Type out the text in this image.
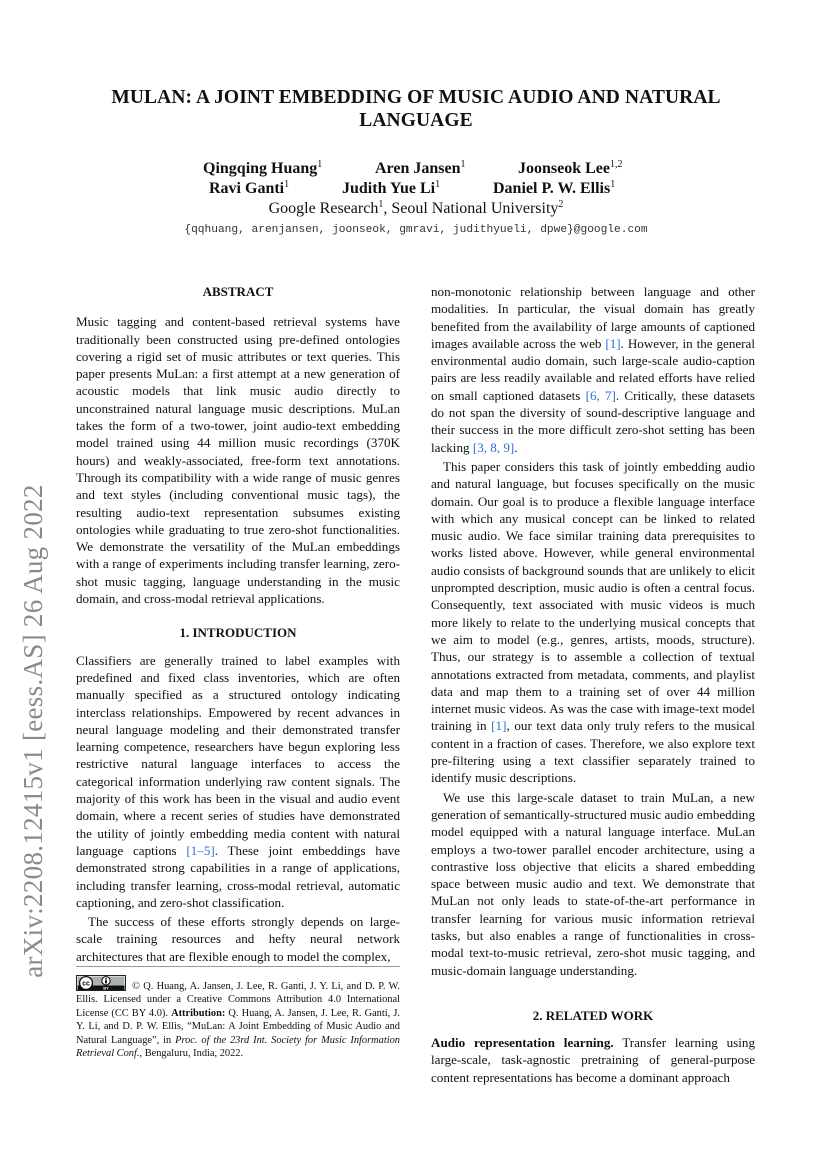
arXiv:2208.12415v1 [eess.AS] 26 Aug 2022
MULAN: A JOINT EMBEDDING OF MUSIC AUDIO AND NATURAL
LANGUAGE
Qingqing Huang$^1$	Aren Jansen$^1$	Joonseok Lee$^{1,2}$
Ravi Ganti$^1$	Judith Yue Li$^1$	Daniel P. W. Ellis$^1$
Google Research$^1$, Seoul National University$^2$
{qqhuang, arenjansen, joonseok, gmravi, judithyueli, dpwe}@google.com

ABSTRACT

Music tagging and content-based retrieval systems have traditionally been constructed using pre-defined ontologies covering a rigid set of music attributes or text queries. This paper presents MuLan: a first attempt at a new generation of acoustic models that link music audio directly to unconstrained natural language music descriptions. MuLan takes the form of a two-tower, joint audio-text embedding model trained using 44 million music recordings (370K hours) and weakly-associated, free-form text annotations. Through its compatibility with a wide range of music genres and text styles (including conventional music tags), the resulting audio-text representation subsumes existing ontologies while graduating to true zero-shot functionalities. We demonstrate the versatility of the MuLan embeddings with a range of experiments including transfer learning, zero-shot music tagging, language understanding in the music domain, and cross-modal retrieval applications.

1. INTRODUCTION

Classifiers are generally trained to label examples with predefined and fixed class inventories, which are often manually specified as a structured ontology indicating interclass relationships. Empowered by recent advances in neural language modeling and their demonstrated transfer learning competence, researchers have begun exploring less restrictive natural language interfaces to access the categorical information underlying raw content signals. The majority of this work has been in the visual and audio event domain, where a recent series of studies have demonstrated the utility of jointly embedding media content with natural language captions [1–5]. These joint embeddings have demonstrated strong capabilities in a range of applications, including transfer learning, cross-modal retrieval, automatic captioning, and zero-shot classification.

The success of these efforts strongly depends on large-scale training resources and hefty neural network architectures that are flexible enough to model the complex,

cc
BY © Q. Huang, A. Jansen, J. Lee, R. Ganti, J. Y. Li, and D. P. W. Ellis. Licensed under a Creative Commons Attribution 4.0 International License (CC BY 4.0). Attribution: Q. Huang, A. Jansen, J. Lee, R. Ganti, J. Y. Li, and D. P. W. Ellis, “MuLan: A Joint Embedding of Music Audio and Natural Language”, in Proc. of the 23rd Int. Society for Music Information Retrieval Conf., Bengaluru, India, 2022.

non-monotonic relationship between language and other modalities. In particular, the visual domain has greatly benefited from the availability of large amounts of captioned images available across the web [1]. However, in the general environmental audio domain, such large-scale audio-caption pairs are less readily available and related efforts have relied on small captioned datasets [6, 7]. Critically, these datasets do not span the diversity of sound-descriptive language and their success in the more difficult zero-shot setting has been lacking [3, 8, 9].

This paper considers this task of jointly embedding audio and natural language, but focuses specifically on the music domain. Our goal is to produce a flexible language interface with which any musical concept can be linked to related music audio. We face similar training data prerequisites to works listed above. However, while general environmental audio consists of background sounds that are unlikely to elicit unprompted description, music audio is often a central focus. Consequently, text associated with music videos is much more likely to relate to the underlying musical concepts that we aim to model (e.g., genres, artists, moods, structure). Thus, our strategy is to assemble a collection of textual annotations extracted from metadata, comments, and playlist data and map them to a training set of over 44 million internet music videos. As was the case with image-text model training in [1], our text data only truly refers to the musical content in a fraction of cases. Therefore, we also explore text pre-filtering using a text classifier separately trained to identify music descriptions.

We use this large-scale dataset to train MuLan, a new generation of semantically-structured music audio embedding model equipped with a natural language interface. MuLan employs a two-tower parallel encoder architecture, using a contrastive loss objective that elicits a shared embedding space between music audio and text. We demonstrate that MuLan not only leads to state-of-the-art performance in transfer learning for various music information retrieval tasks, but also enables a range of functionalities in cross-modal text-to-music retrieval, zero-shot music tagging, and music-domain language understanding.

2. RELATED WORK

Audio representation learning. Transfer learning using large-scale, task-agnostic pretraining of general-purpose content representations has become a dominant approach
